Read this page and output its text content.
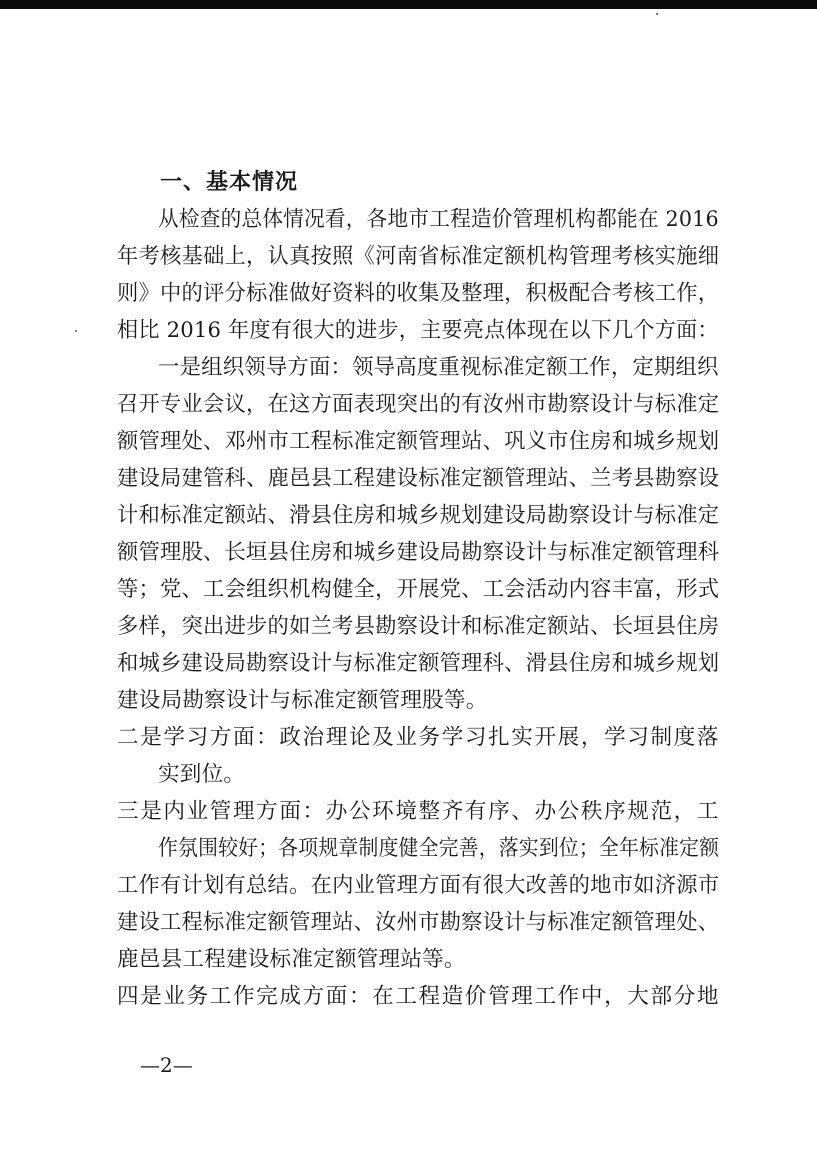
一、基本情况
从检查的总体情况看，各地市工程造价管理机构都能在 2016
年考核基础上，认真按照《河南省标准定额机构管理考核实施细
则》中的评分标准做好资料的收集及整理，积极配合考核工作，
相比 2016 年度有很大的进步，主要亮点体现在以下几个方面：
一是组织领导方面：领导高度重视标准定额工作，定期组织
召开专业会议，在这方面表现突出的有汝州市勘察设计与标准定
额管理处、邓州市工程标准定额管理站、巩义市住房和城乡规划
建设局建管科、鹿邑县工程建设标准定额管理站、兰考县勘察设
计和标准定额站、滑县住房和城乡规划建设局勘察设计与标准定
额管理股、长垣县住房和城乡建设局勘察设计与标准定额管理科
等；党、工会组织机构健全，开展党、工会活动内容丰富，形式
多样，突出进步的如兰考县勘察设计和标准定额站、长垣县住房
和城乡建设局勘察设计与标准定额管理科、滑县住房和城乡规划
建设局勘察设计与标准定额管理股等。
二是学习方面：政治理论及业务学习扎实开展，学习制度落
实到位。
三是内业管理方面：办公环境整齐有序、办公秩序规范，工
作氛围较好；各项规章制度健全完善，落实到位；全年标准定额
工作有计划有总结。在内业管理方面有很大改善的地市如济源市
建设工程标准定额管理站、汝州市勘察设计与标准定额管理处、
鹿邑县工程建设标准定额管理站等。
四是业务工作完成方面：在工程造价管理工作中，大部分地
—2—
